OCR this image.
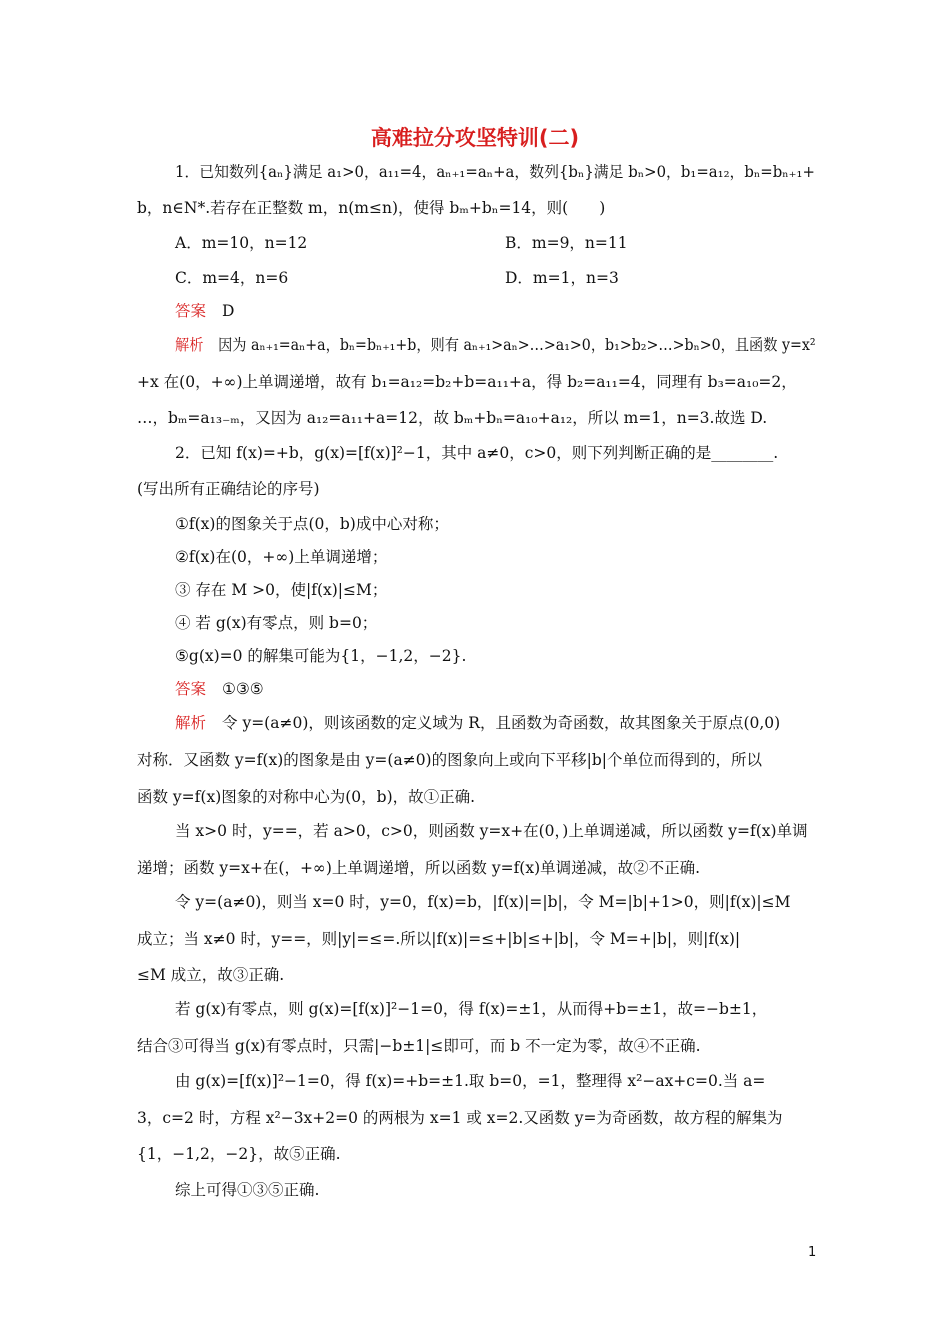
高难拉分攻坚特训(二)
1．已知数列{aₙ}满足 a₁>0，a₁₁=4，aₙ₊₁=aₙ+a，数列{bₙ}满足 bₙ>0，b₁=a₁₂，bₙ=bₙ₊₁+
b，n∈N*.若存在正整数 m，n(m≤n)，使得 bₘ+bₙ=14，则(　　)
A．m=10，n=12	B．m=9，n=11
C．m=4，n=6	D．m=1，n=3
答案 D
解析 因为 aₙ₊₁=aₙ+a，bₙ=bₙ₊₁+b，则有 aₙ₊₁>aₙ>…>a₁>0，b₁>b₂>…>bₙ>0，且函数 y=x²
+x 在(0，+∞)上单调递增，故有 b₁=a₁₂=b₂+b=a₁₁+a，得 b₂=a₁₁=4，同理有 b₃=a₁₀=2，
…，bₘ=a₁₃₋ₘ，又因为 a₁₂=a₁₁+a=12，故 bₘ+bₙ=a₁₀+a₁₂，所以 m=1，n=3.故选 D.
2．已知 f(x)=+b，g(x)=[f(x)]²−1，其中 a≠0，c>0，则下列判断正确的是________.
(写出所有正确结论的序号)
①f(x)的图象关于点(0，b)成中心对称；
②f(x)在(0，+∞)上单调递增；
③ 存在 M >0，使|f(x)|≤M；
④ 若 g(x)有零点，则 b=0；
⑤g(x)=0 的解集可能为{1，−1,2，−2}.
答案 ①③⑤
解析 令 y=(a≠0)，则该函数的定义域为 R，且函数为奇函数，故其图象关于原点(0,0)
对称．又函数 y=f(x)的图象是由 y=(a≠0)的图象向上或向下平移|b|个单位而得到的，所以
函数 y=f(x)图象的对称中心为(0，b)，故①正确.
当 x>0 时，y==，若 a>0，c>0，则函数 y=x+在(0，)上单调递减，所以函数 y=f(x)单调
递增；函数 y=x+在(，+∞)上单调递增，所以函数 y=f(x)单调递减，故②不正确.
令 y=(a≠0)，则当 x=0 时，y=0，f(x)=b，|f(x)|=|b|，令 M=|b|+1>0，则|f(x)|≤M
成立；当 x≠0 时，y==，则|y|=≤=.所以|f(x)|=≤+|b|≤+|b|，令 M=+|b|，则|f(x)|
≤M 成立，故③正确.
若 g(x)有零点，则 g(x)=[f(x)]²−1=0，得 f(x)=±1，从而得+b=±1，故=−b±1，
结合③可得当 g(x)有零点时，只需|−b±1|≤即可，而 b 不一定为零，故④不正确.
由 g(x)=[f(x)]²−1=0，得 f(x)=+b=±1.取 b=0，=1，整理得 x²−ax+c=0.当 a=
3，c=2 时，方程 x²−3x+2=0 的两根为 x=1 或 x=2.又函数 y=为奇函数，故方程的解集为
{1，−1,2，−2}，故⑤正确.
综上可得①③⑤正确.
1
